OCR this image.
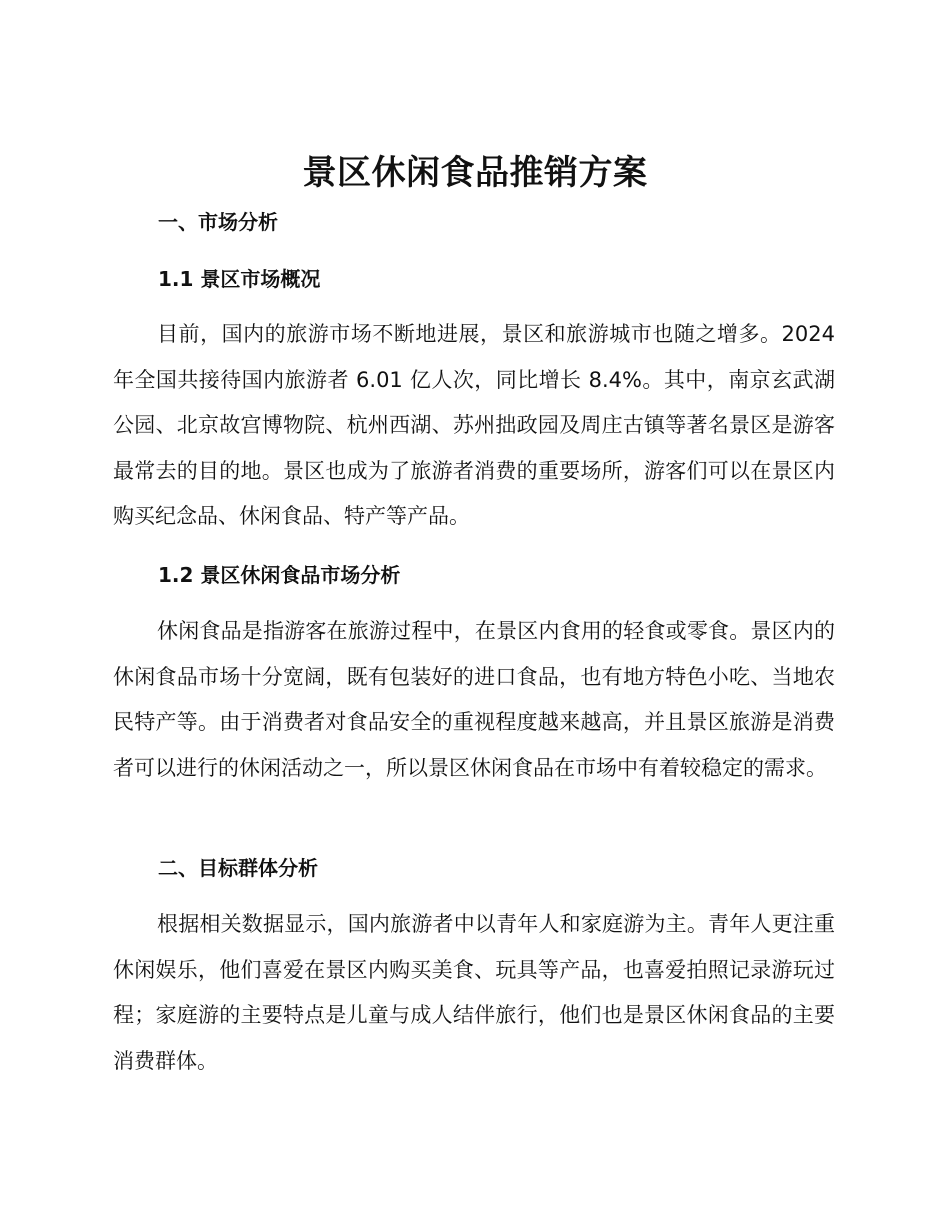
景区休闲食品推销方案
一、市场分析
1.1 景区市场概况

目前，国内的旅游市场不断地进展，景区和旅游城市也随之增多。2024年全国共接待国内旅游者 6.01 亿人次，同比增长 8.4%。其中，南京玄武湖公园、北京故宫博物院、杭州西湖、苏州拙政园及周庄古镇等著名景区是游客最常去的目的地。景区也成为了旅游者消费的重要场所，游客们可以在景区内购买纪念品、休闲食品、特产等产品。

1.2 景区休闲食品市场分析

休闲食品是指游客在旅游过程中，在景区内食用的轻食或零食。景区内的休闲食品市场十分宽阔，既有包装好的进口食品，也有地方特色小吃、当地农民特产等。由于消费者对食品安全的重视程度越来越高，并且景区旅游是消费者可以进行的休闲活动之一，所以景区休闲食品在市场中有着较稳定的需求。

二、目标群体分析

根据相关数据显示，国内旅游者中以青年人和家庭游为主。青年人更注重休闲娱乐，他们喜爱在景区内购买美食、玩具等产品，也喜爱拍照记录游玩过程；家庭游的主要特点是儿童与成人结伴旅行，他们也是景区休闲食品的主要消费群体。
